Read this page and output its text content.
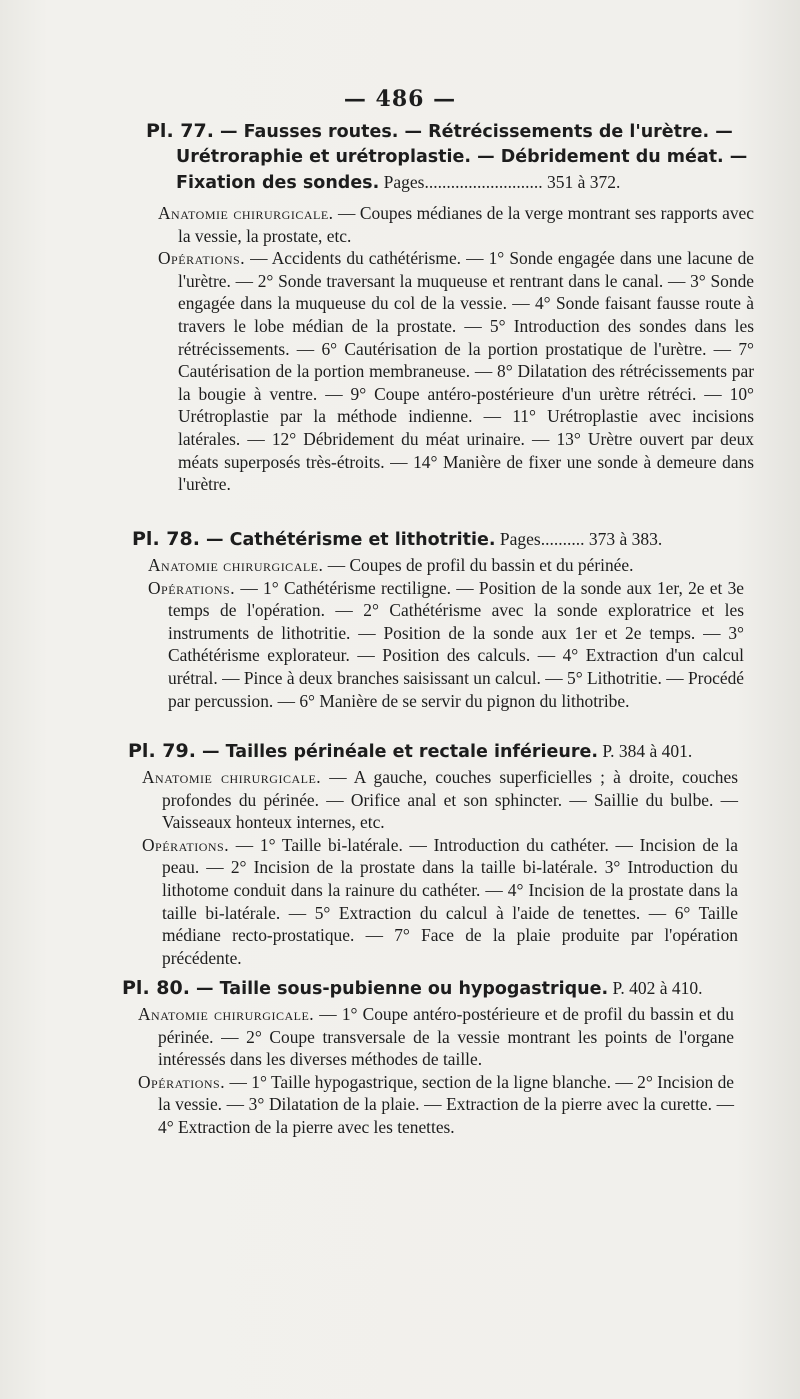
— 486 —
Pl. 77. — Fausses routes. — Rétrécissements de l'urètre. —
Urétroraphie et urétroplastie. — Débridement du méat. —
Fixation des sondes. Pages........................... 351 à 372.

Anatomie chirurgicale. — Coupes médianes de la verge montrant ses rapports avec la vessie, la prostate, etc.

Opérations. — Accidents du cathétérisme. — 1° Sonde engagée dans une lacune de l'urètre. — 2° Sonde traversant la muqueuse et rentrant dans le canal. — 3° Sonde engagée dans la muqueuse du col de la vessie. — 4° Sonde faisant fausse route à travers le lobe médian de la prostate. — 5° Introduction des sondes dans les rétrécissements. — 6° Cautérisation de la portion prostatique de l'urètre. — 7° Cautérisation de la portion membraneuse. — 8° Dilatation des rétrécissements par la bougie à ventre. — 9° Coupe antéro-postérieure d'un urètre rétréci. — 10° Urétroplastie par la méthode indienne. — 11° Urétroplastie avec incisions latérales. — 12° Débridement du méat urinaire. — 13° Urètre ouvert par deux méats superposés très-étroits. — 14° Manière de fixer une sonde à demeure dans l'urètre.

Pl. 78. — Cathétérisme et lithotritie. Pages.......... 373 à 383.

Anatomie chirurgicale. — Coupes de profil du bassin et du périnée.

Opérations. — 1° Cathétérisme rectiligne. — Position de la sonde aux 1er, 2e et 3e temps de l'opération. — 2° Cathétérisme avec la sonde exploratrice et les instruments de lithotritie. — Position de la sonde aux 1er et 2e temps. — 3° Cathétérisme explorateur. — Position des calculs. — 4° Extraction d'un calcul urétral. — Pince à deux branches saisissant un calcul. — 5° Lithotritie. — Procédé par percussion. — 6° Manière de se servir du pignon du lithotribe.

Pl. 79. — Tailles périnéale et rectale inférieure. P. 384 à 401.

Anatomie chirurgicale. — A gauche, couches superficielles ; à droite, couches profondes du périnée. — Orifice anal et son sphincter. — Saillie du bulbe. — Vaisseaux honteux internes, etc.

Opérations. — 1° Taille bi-latérale. — Introduction du cathéter. — Incision de la peau. — 2° Incision de la prostate dans la taille bi-latérale. 3° Introduction du lithotome conduit dans la rainure du cathéter. — 4° Incision de la prostate dans la taille bi-latérale. — 5° Extraction du calcul à l'aide de tenettes. — 6° Taille médiane recto-prostatique. — 7° Face de la plaie produite par l'opération précédente.

Pl. 80. — Taille sous-pubienne ou hypogastrique. P. 402 à 410.

Anatomie chirurgicale. — 1° Coupe antéro-postérieure et de profil du bassin et du périnée. — 2° Coupe transversale de la vessie montrant les points de l'organe intéressés dans les diverses méthodes de taille.

Opérations. — 1° Taille hypogastrique, section de la ligne blanche. — 2° Incision de la vessie. — 3° Dilatation de la plaie. — Extraction de la pierre avec la curette. — 4° Extraction de la pierre avec les tenettes.
